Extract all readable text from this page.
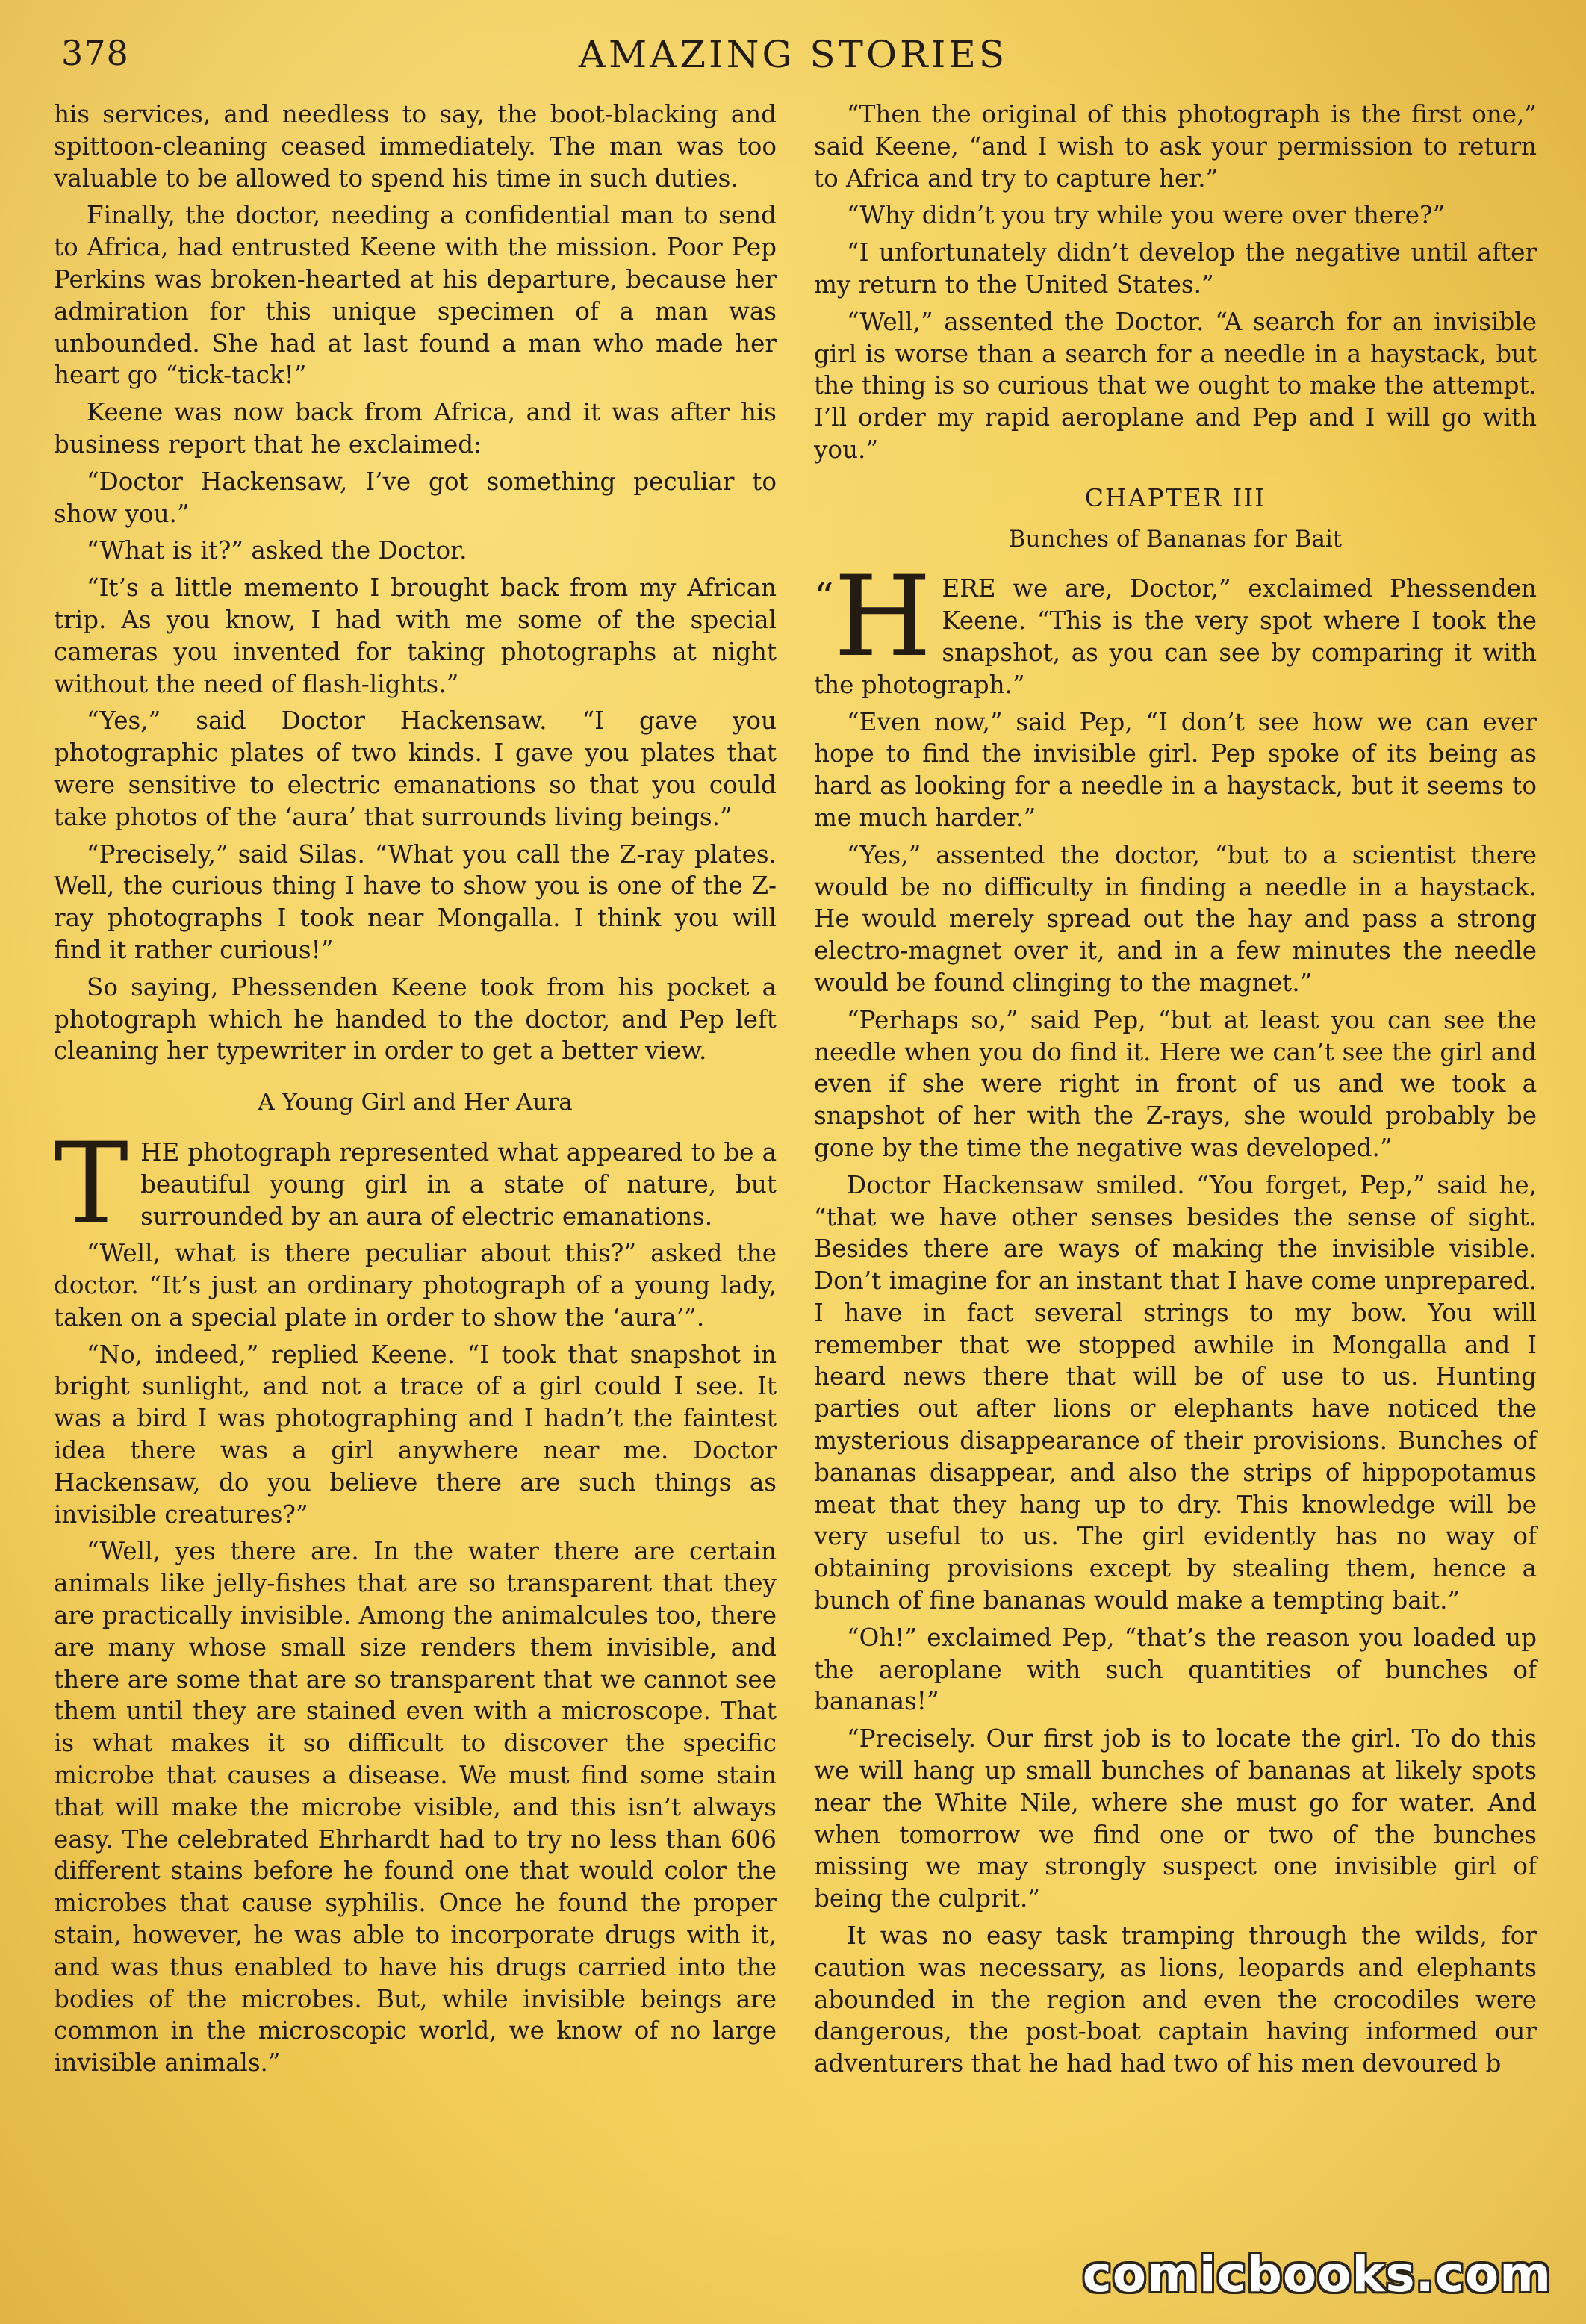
378	AMAZING STORIES

his services, and needless to say, the boot-blacking and spittoon-cleaning ceased immediately. The man was too valuable to be allowed to spend his time in such duties.

Finally, the doctor, needing a confidential man to send to Africa, had entrusted Keene with the mission. Poor Pep Perkins was broken-hearted at his departure, because her admiration for this unique specimen of a man was unbounded. She had at last found a man who made her heart go “tick-tack!”

Keene was now back from Africa, and it was after his business report that he exclaimed:

“Doctor Hackensaw, I’ve got something peculiar to show you.”

“What is it?” asked the Doctor.

“It’s a little memento I brought back from my African trip. As you know, I had with me some of the special cameras you invented for taking photographs at night without the need of flash-lights.”

“Yes,” said Doctor Hackensaw. “I gave you photographic plates of two kinds. I gave you plates that were sensitive to electric emanations so that you could take photos of the ‘aura’ that surrounds living beings.”

“Precisely,” said Silas. “What you call the Z-ray plates. Well, the curious thing I have to show you is one of the Z-ray photographs I took near Mongalla. I think you will find it rather curious!”

So saying, Phessenden Keene took from his pocket a photograph which he handed to the doctor, and Pep left cleaning her typewriter in order to get a better view.

A Young Girl and Her Aura

THE photograph represented what appeared to be a beautiful young girl in a state of nature, but surrounded by an aura of electric emanations.

“Well, what is there peculiar about this?” asked the doctor. “It’s just an ordinary photograph of a young lady, taken on a special plate in order to show the ‘aura’”.

“No, indeed,” replied Keene. “I took that snapshot in bright sunlight, and not a trace of a girl could I see. It was a bird I was photographing and I hadn’t the faintest idea there was a girl anywhere near me. Doctor Hackensaw, do you believe there are such things as invisible creatures?”

“Well, yes there are. In the water there are certain animals like jelly-fishes that are so transparent that they are practically invisible. Among the animalcules too, there are many whose small size renders them invisible, and there are some that are so transparent that we cannot see them until they are stained even with a microscope. That is what makes it so difficult to discover the specific microbe that causes a disease. We must find some stain that will make the microbe visible, and this isn’t always easy. The celebrated Ehrhardt had to try no less than 606 different stains before he found one that would color the microbes that cause syphilis. Once he found the proper stain, however, he was able to incorporate drugs with it, and was thus enabled to have his drugs carried into the bodies of the microbes. But, while invisible beings are common in the microscopic world, we know of no large invisible animals.”

“Then the original of this photograph is the first one,” said Keene, “and I wish to ask your permission to return to Africa and try to capture her.”

“Why didn’t you try while you were over there?”

“I unfortunately didn’t develop the negative until after my return to the United States.”

“Well,” assented the Doctor. “A search for an invisible girl is worse than a search for a needle in a haystack, but the thing is so curious that we ought to make the attempt. I’ll order my rapid aeroplane and Pep and I will go with you.”

CHAPTER III
Bunches of Bananas for Bait

“ H ERE we are, Doctor,” exclaimed Phessenden Keene. “This is the very spot where I took the snapshot, as you can see by comparing it with the photograph.”

“Even now,” said Pep, “I don’t see how we can ever hope to find the invisible girl. Pep spoke of its being as hard as looking for a needle in a haystack, but it seems to me much harder.”

“Yes,” assented the doctor, “but to a scientist there would be no difficulty in finding a needle in a haystack. He would merely spread out the hay and pass a strong electro-magnet over it, and in a few minutes the needle would be found clinging to the magnet.”

“Perhaps so,” said Pep, “but at least you can see the needle when you do find it. Here we can’t see the girl and even if she were right in front of us and we took a snapshot of her with the Z-rays, she would probably be gone by the time the negative was developed.”

Doctor Hackensaw smiled. “You forget, Pep,” said he, “that we have other senses besides the sense of sight. Besides there are ways of making the invisible visible. Don’t imagine for an instant that I have come unprepared. I have in fact several strings to my bow. You will remember that we stopped awhile in Mongalla and I heard news there that will be of use to us. Hunting parties out after lions or elephants have noticed the mysterious disappearance of their provisions. Bunches of bananas disappear, and also the strips of hippopotamus meat that they hang up to dry. This knowledge will be very useful to us. The girl evidently has no way of obtaining provisions except by stealing them, hence a bunch of fine bananas would make a tempting bait.”

“Oh!” exclaimed Pep, “that’s the reason you loaded up the aeroplane with such quantities of bunches of bananas!”

“Precisely. Our first job is to locate the girl. To do this we will hang up small bunches of bananas at likely spots near the White Nile, where she must go for water. And when tomorrow we find one or two of the bunches missing we may strongly suspect one invisible girl of being the culprit.”

It was no easy task tramping through the wilds, for caution was necessary, as lions, leopards and elephants abounded in the region and even the crocodiles were dangerous, the post-boat captain having informed our adventurers that he had had two of his men devoured b

comicbooks.com
